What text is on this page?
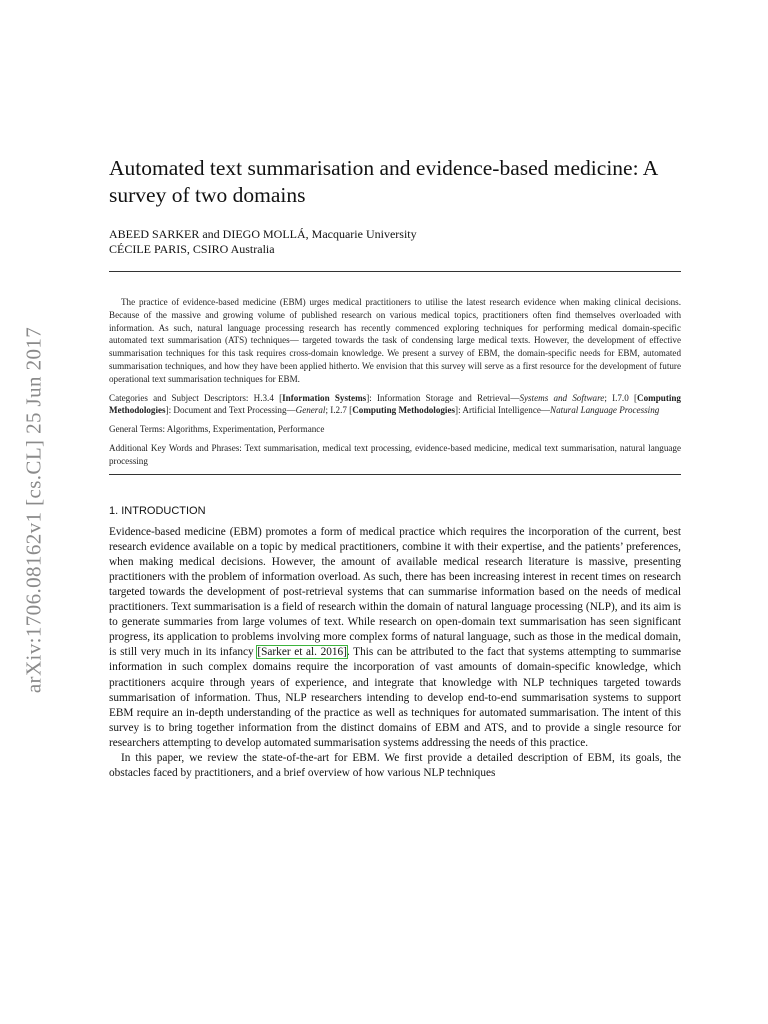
arXiv:1706.08162v1 [cs.CL] 25 Jun 2017
Automated text summarisation and evidence-based medicine: A survey of two domains
ABEED SARKER and DIEGO MOLLÁ, Macquarie University
CÉCILE PARIS, CSIRO Australia

The practice of evidence-based medicine (EBM) urges medical practitioners to utilise the latest research evidence when making clinical decisions. Because of the massive and growing volume of published research on various medical topics, practitioners often find themselves overloaded with information. As such, natural language processing research has recently commenced exploring techniques for performing medical domain-specific automated text summarisation (ATS) techniques— targeted towards the task of condensing large medical texts. However, the development of effective summarisation techniques for this task requires cross-domain knowledge. We present a survey of EBM, the domain-specific needs for EBM, automated summarisation techniques, and how they have been applied hitherto. We envision that this survey will serve as a first resource for the development of future operational text summarisation techniques for EBM.

Categories and Subject Descriptors: H.3.4 [Information Systems]: Information Storage and Retrieval—Systems and Software; I.7.0 [Computing Methodologies]: Document and Text Processing—General; I.2.7 [Computing Methodologies]: Artificial Intelligence—Natural Language Processing

General Terms: Algorithms, Experimentation, Performance

Additional Key Words and Phrases: Text summarisation, medical text processing, evidence-based medicine, medical text summarisation, natural language processing

1. INTRODUCTION

Evidence-based medicine (EBM) promotes a form of medical practice which requires the incorporation of the current, best research evidence available on a topic by medical practitioners, combine it with their expertise, and the patients’ preferences, when making medical decisions. However, the amount of available medical research literature is massive, presenting practitioners with the problem of information overload. As such, there has been increasing interest in recent times on research targeted towards the development of post-retrieval systems that can summarise information based on the needs of medical practitioners. Text summarisation is a field of research within the domain of natural language processing (NLP), and its aim is to generate summaries from large volumes of text. While research on open-domain text summarisation has seen significant progress, its application to problems involving more complex forms of natural language, such as those in the medical domain, is still very much in its infancy [Sarker et al. 2016]. This can be attributed to the fact that systems attempting to summarise information in such complex domains require the incorporation of vast amounts of domain-specific knowledge, which practitioners acquire through years of experience, and integrate that knowledge with NLP techniques targeted towards summarisation of information. Thus, NLP researchers intending to develop end-to-end summarisation systems to support EBM require an in-depth understanding of the practice as well as techniques for automated summarisation. The intent of this survey is to bring together information from the distinct domains of EBM and ATS, and to provide a single resource for researchers attempting to develop automated summarisation systems addressing the needs of this practice.

In this paper, we review the state-of-the-art for EBM. We first provide a detailed description of EBM, its goals, the obstacles faced by practitioners, and a brief overview of how various NLP techniques
